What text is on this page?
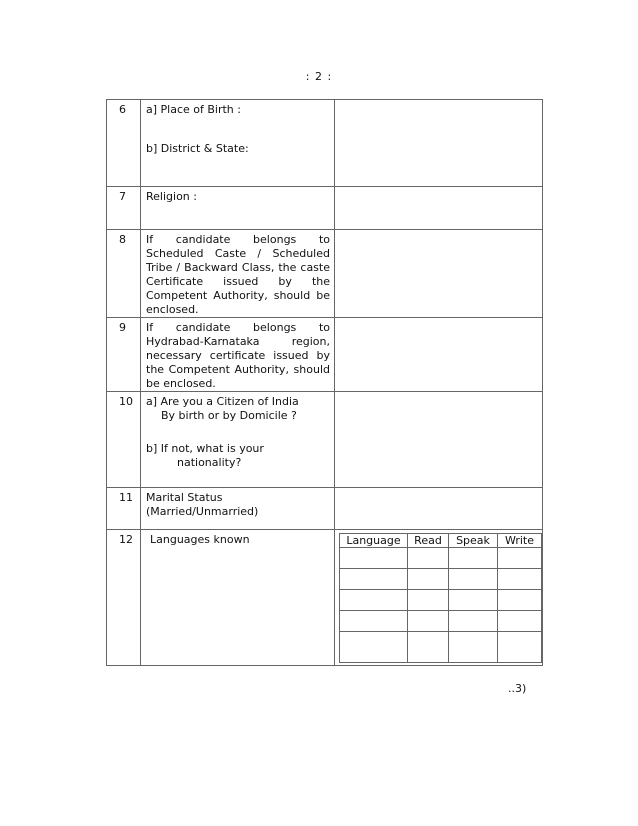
: 2 :
6	a] Place of Birth :
b] District & State:	
7	Religion :	
8	If candidate belongs to Scheduled Caste / Scheduled Tribe / Backward Class, the caste Certificate issued by the Competent Authority, should be enclosed.	
9	If candidate belongs to Hydrabad-Karnataka region, necessary certificate issued by the Competent Authority, should be enclosed.	
10	a] Are you a Citizen of India
By birth or by Domicile ?
b] If not, what is your
nationality?

11	Marital Status
(Married/Unmarried)

12	Languages known		Language	Read	Speak	Write

..3)
